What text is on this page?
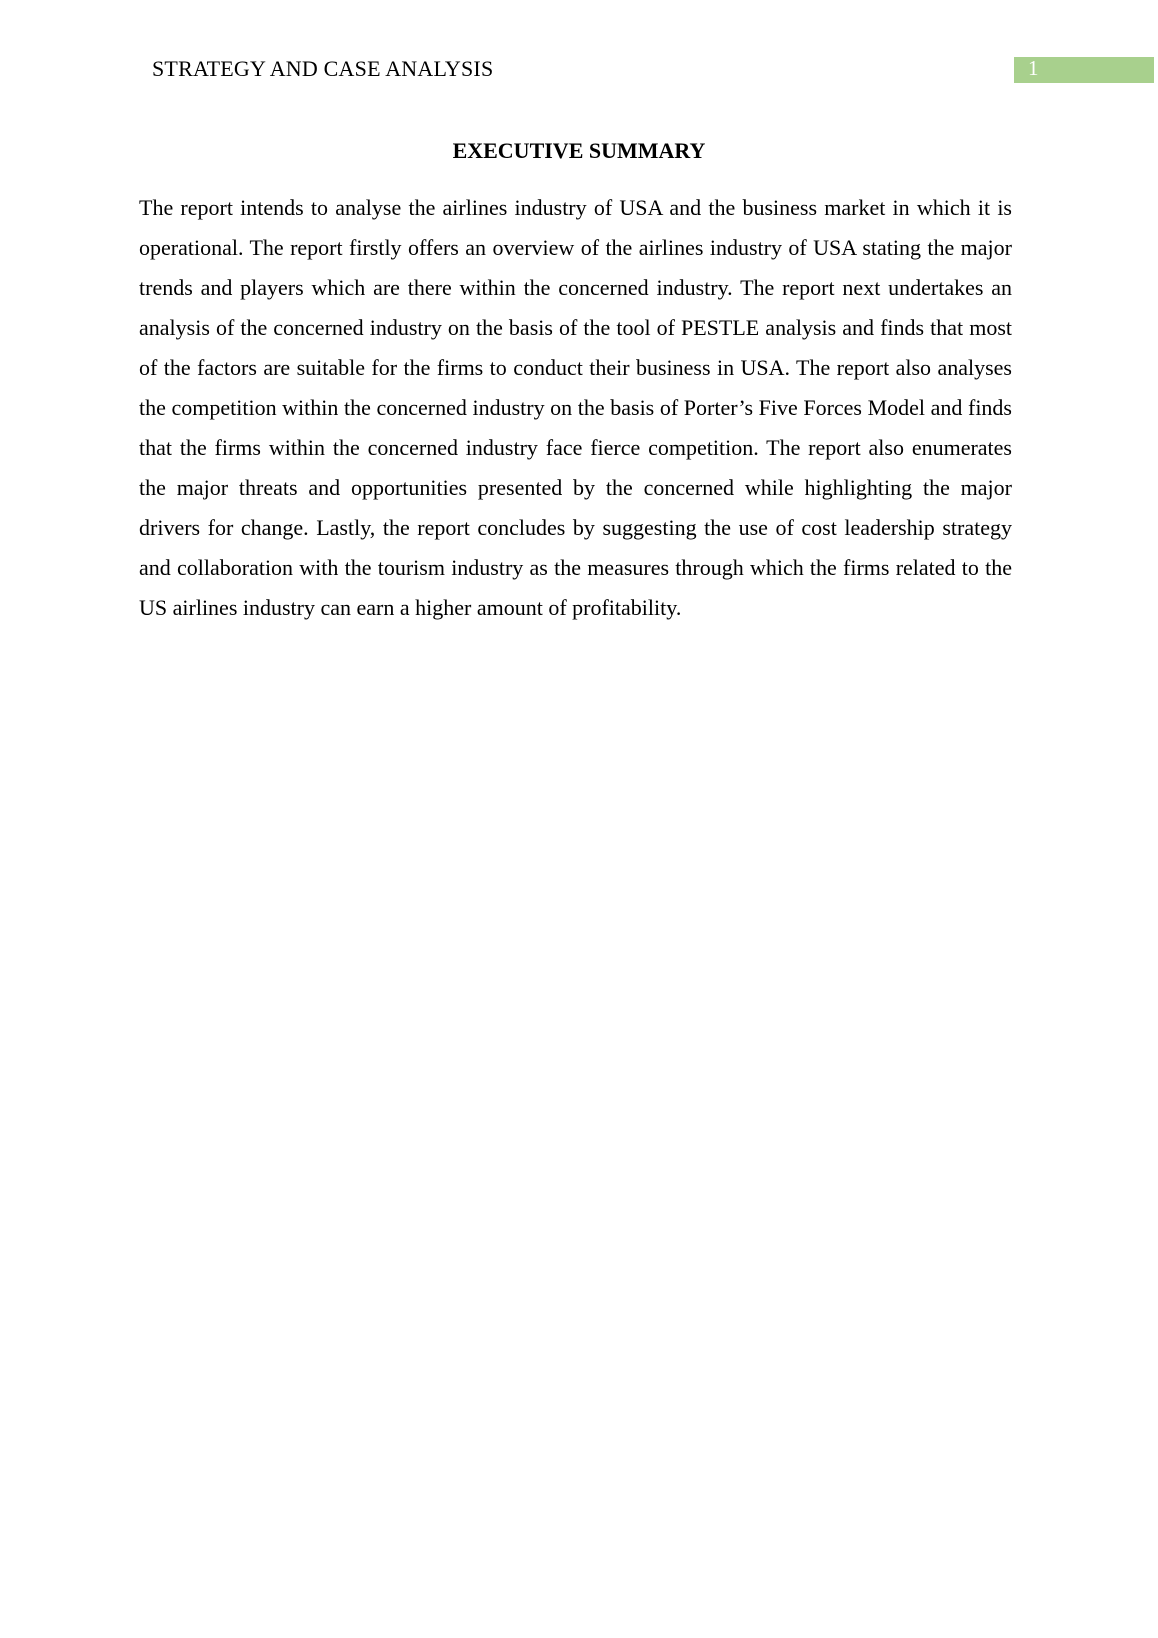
STRATEGY AND CASE ANALYSIS	1
EXECUTIVE SUMMARY

The report intends to analyse the airlines industry of USA and the business market in which it is operational. The report firstly offers an overview of the airlines industry of USA stating the major trends and players which are there within the concerned industry. The report next undertakes an analysis of the concerned industry on the basis of the tool of PESTLE analysis and finds that most of the factors are suitable for the firms to conduct their business in USA. The report also analyses the competition within the concerned industry on the basis of Porter’s Five Forces Model and finds that the firms within the concerned industry face fierce competition. The report also enumerates the major threats and opportunities presented by the concerned while highlighting the major drivers for change. Lastly, the report concludes by suggesting the use of cost leadership strategy and collaboration with the tourism industry as the measures through which the firms related to the US airlines industry can earn a higher amount of profitability.
